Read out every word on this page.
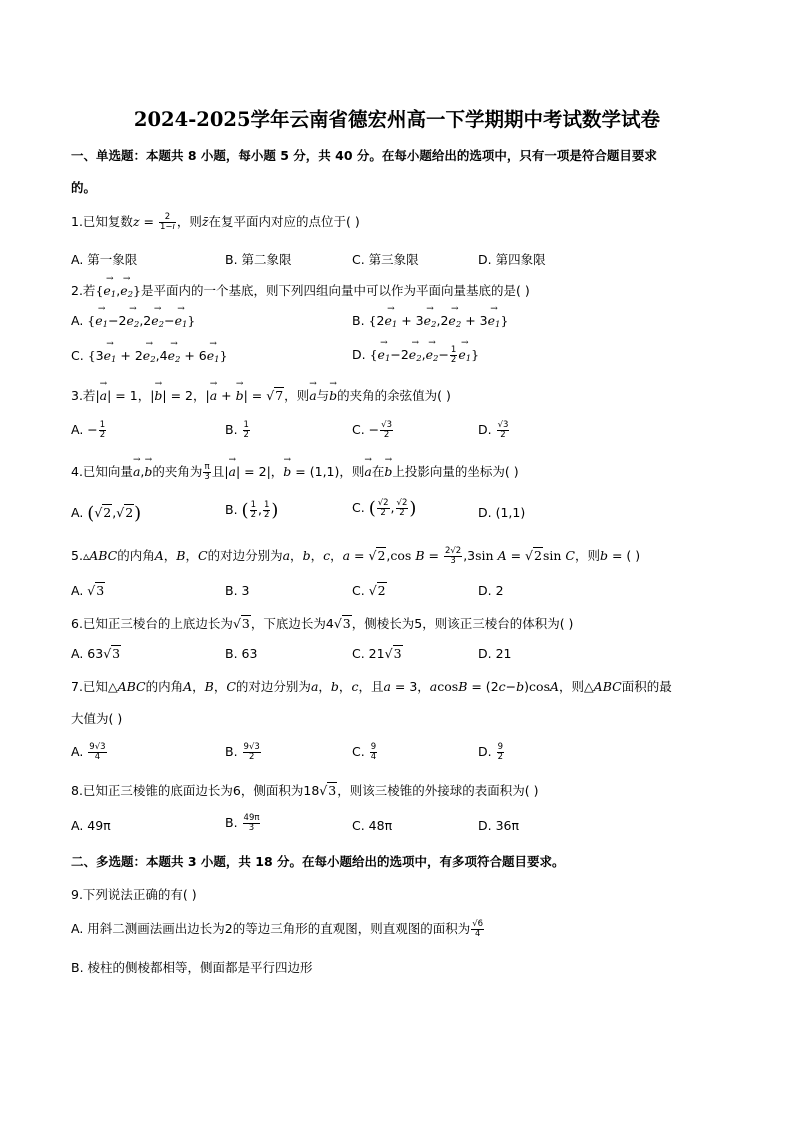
2024-2025学年云南省德宏州高一下学期期中考试数学试卷
一、单选题：本题共 8 小题，每小题 5 分，共 40 分。在每小题给出的选项中，只有一项是符合题目要求
的。
1.已知复数$z = \frac{2}{1-i}$ ，则z̄在复平面内对应的点位于( )
A. 第一象限	B. 第二象限	C. 第三象限	D. 第四象限
2.若{→ $e_1,\to e_2$}是平面内的一个基底，则下列四组向量中可以作为平面向量基底的是( )
A. {→ $e_1-2\to e_2,2\to e_2-\to e_1$}	B. $\{2\to e_1 + 3\to e_2,2\to e_2 + 3\to e_1\}$
C. $\{3\to e_1 + 2\to e_2,4\to e_2 + 6\to e_1\}$	D. {→ $e_1-2\to e_2,\to e_2- \frac{1}{2}$
→ $e_1$}
3.若|→ a| = 1，|→ b| = 2，|→ a + → b| = √7，则→ a与→ b的夹角的余弦值为( )
A. − $\frac{1}{2}$	B. $\frac{1}{2}$	C. − $\frac{√3}{2}$	D. $\frac{√3}{2}$
4.已知向量→ a,→ b的夹角为 $\frac{\pi}{3}$ 且|→ a| = 2|，→ b = (1,1)，则→ a在→ b上投影向量的坐标为( )
A. (√2,√2)	B. ( $\frac{1}{2}$ , $\frac{1}{2}$ )	C. ( $\frac{√2}{2}$ , $\frac{√2}{2}$ )	D. (1,1)
5.▵ABC的内角A，B，C的对边分别为a，b，c，a = √2,cos $B = \frac{2√2}{3} ,3\sin$ A = √2sin C，则b = ( )
A. √3	B. 3	C. √2	D. 2
6.已知正三棱台的上底边长为√3，下底边长为4√3，侧棱长为5，则该正三棱台的体积为( )
A. 63√3	B. 63	C. 21√3	D. 21
7.已知△ABC的内角A，B，C的对边分别为a，b，c，且a = 3，acosB = (2c−b)cosA，则△ABC面积的最
大值为( )
A. $\frac{9√3}{4}$	B. $\frac{9√3}{2}$	C. $\frac{9}{4}$	D. $\frac{9}{2}$
8.已知正三棱锥的底面边长为6，侧面积为18√3，则该三棱锥的外接球的表面积为( )
A. 49π	B. $\frac{49\pi}{3}$	C. 48π	D. 36π
二、多选题：本题共 3 小题，共 18 分。在每小题给出的选项中，有多项符合题目要求。
9.下列说法正确的有( )
A. 用斜二测画法画出边长为2的等边三角形的直观图，则直观图的面积为 $\frac{√6}{4}$
B. 棱柱的侧棱都相等，侧面都是平行四边形
